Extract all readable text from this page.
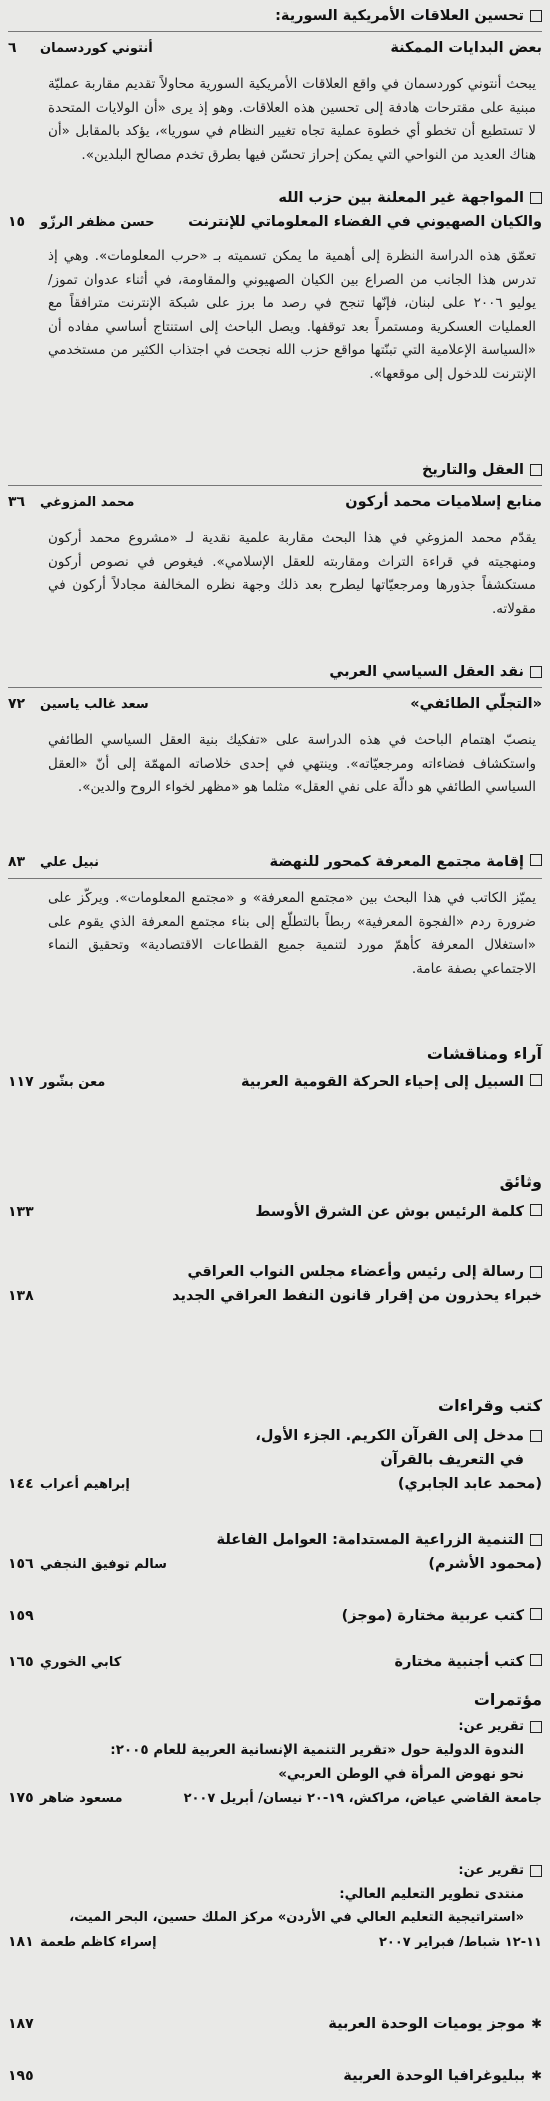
تحسين العلاقات الأمريكية السورية:
بعض البدايات الممكنة
أنتوني كوردسمان
٦
يبحث أنتوني كوردسمان في واقع العلاقات الأمريكية السورية محاولاً تقديم مقاربة عمليّة مبنية على مقترحات هادفة إلى تحسين هذه العلاقات. وهو إذ يرى «أن الولايات المتحدة لا تستطيع أن تخطو أي خطوة عملية تجاه تغيير النظام في سوريا»، يؤكد بالمقابل «أن هناك العديد من النواحي التي يمكن إحراز تحسّن فيها بطرق تخدم مصالح البلدين».
المواجهة غير المعلنة بين حزب الله
والكيان الصهيوني في الفضاء المعلوماتي للإنترنت
حسن مظفر الرزّو
١٥
تعمّق هذه الدراسة النظرة إلى أهمية ما يمكن تسميته بـ «حرب المعلومات». وهي إذ تدرس هذا الجانب من الصراع بين الكيان الصهيوني والمقاومة، في أثناء عدوان تموز/يوليو ٢٠٠٦ على لبنان، فإنّها تنجح في رصد ما برز على شبكة الإنترنت مترافقاً مع العمليات العسكرية ومستمراً بعد توقفها. ويصل الباحث إلى استنتاج أساسي مفاده أن «السياسة الإعلامية التي تبنّتها مواقع حزب الله نجحت في اجتذاب الكثير من مستخدمي الإنترنت للدخول إلى موقعها».
العقل والتاريخ
منابع إسلاميات محمد أركون
محمد المزوغي
٣٦
يقدّم محمد المزوغي في هذا البحث مقاربة علمية نقدية لـ «مشروع محمد أركون ومنهجيته في قراءة التراث ومقاربته للعقل الإسلامي». فيغوص في نصوص أركون مستكشفاً جذورها ومرجعيّاتها ليطرح بعد ذلك وجهة نظره المخالفة مجادلاً أركون في مقولاته.
نقد العقل السياسي العربي
«التجلّي الطائفي»
سعد غالب ياسين
٧٢
ينصبّ اهتمام الباحث في هذه الدراسة على «تفكيك بنية العقل السياسي الطائفي واستكشاف فضاءاته ومرجعيّاته». وينتهي في إحدى خلاصاته المهمّة إلى أنّ «العقل السياسي الطائفي هو دالّة على نفي العقل» مثلما هو «مظهر لخواء الروح والدين».
إقامة مجتمع المعرفة كمحور للنهضة
نبيل علي
٨٣
يميّز الكاتب في هذا البحث بين «مجتمع المعرفة» و «مجتمع المعلومات». ويركّز على ضرورة ردم «الفجوة المعرفية» ربطاً بالتطلّع إلى بناء مجتمع المعرفة الذي يقوم على «استغلال المعرفة كأهمّ مورد لتنمية جميع القطاعات الاقتصادية» وتحقيق النماء الاجتماعي بصفة عامة.
آراء ومناقشات
السبيل إلى إحياء الحركة القومية العربية
معن بشّور
١١٧
وثائق
كلمة الرئيس بوش عن الشرق الأوسط
١٣٣
رسالة إلى رئيس وأعضاء مجلس النواب العراقي
خبراء يحذرون من إقرار قانون النفط العراقي الجديد
١٣٨
كتب وقراءات
مدخل إلى القرآن الكريم. الجزء الأول،
في التعريف بالقرآن
(محمد عابد الجابري)
إبراهيم أعراب
١٤٤
التنمية الزراعية المستدامة: العوامل الفاعلة
(محمود الأشرم)
سالم توفيق النجفي
١٥٦
كتب عربية مختارة (موجز)
١٥٩
كتب أجنبية مختارة
كابي الخوري
١٦٥
مؤتمرات
تقرير عن:
الندوة الدولية حول «تقرير التنمية الإنسانية العربية للعام ٢٠٠٥:
نحو نهوض المرأة في الوطن العربي»
جامعة القاضي عياض، مراكش، ١٩-٢٠ نيسان/ أبريل ٢٠٠٧
مسعود ضاهر
١٧٥
تقرير عن:
منتدى تطوير التعليم العالي:
«استراتيجية التعليم العالي في الأردن» مركز الملك حسين، البحر الميت،
١١-١٢ شباط/ فبراير ٢٠٠٧
إسراء كاظم طعمة
١٨١
✱
موجز يوميات الوحدة العربية
١٨٧
✱
ببليوغرافيا الوحدة العربية
١٩٥
